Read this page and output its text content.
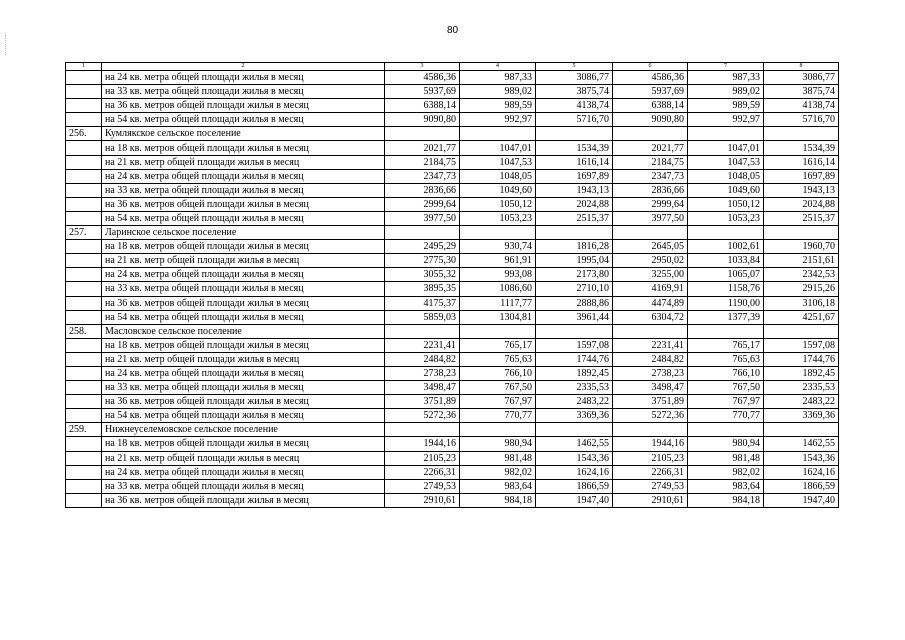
80
1	2	3	4	5	6	7	8
	на 24 кв. метра общей площади жилья в месяц	4586,36	987,33	3086,77	4586,36	987,33	3086,77
	на 33 кв. метра общей площади жилья в месяц	5937,69	989,02	3875,74	5937,69	989,02	3875,74
	на 36 кв. метров общей площади жилья в месяц	6388,14	989,59	4138,74	6388,14	989,59	4138,74
	на 54 кв. метра общей площади жилья в месяц	9090,80	992,97	5716,70	9090,80	992,97	5716,70
256.	Кумлякское сельское поселение						
	на 18 кв. метров общей площади жилья в месяц	2021,77	1047,01	1534,39	2021,77	1047,01	1534,39
	на 21 кв. метр общей площади жилья в месяц	2184,75	1047,53	1616,14	2184,75	1047,53	1616,14
	на 24 кв. метра общей площади жилья в месяц	2347,73	1048,05	1697,89	2347,73	1048,05	1697,89
	на 33 кв. метра общей площади жилья в месяц	2836,66	1049,60	1943,13	2836,66	1049,60	1943,13
	на 36 кв. метров общей площади жилья в месяц	2999,64	1050,12	2024,88	2999,64	1050,12	2024,88
	на 54 кв. метра общей площади жилья в месяц	3977,50	1053,23	2515,37	3977,50	1053,23	2515,37
257.	Ларинское сельское поселение						
	на 18 кв. метров общей площади жилья в месяц	2495,29	930,74	1816,28	2645,05	1002,61	1960,70
	на 21 кв. метр общей площади жилья в месяц	2775,30	961,91	1995,04	2950,02	1033,84	2151,61
	на 24 кв. метра общей площади жилья в месяц	3055,32	993,08	2173,80	3255,00	1065,07	2342,53
	на 33 кв. метра общей площади жилья в месяц	3895,35	1086,60	2710,10	4169,91	1158,76	2915,26
	на 36 кв. метров общей площади жилья в месяц	4175,37	1117,77	2888,86	4474,89	1190,00	3106,18
	на 54 кв. метра общей площади жилья в месяц	5859,03	1304,81	3961,44	6304,72	1377,39	4251,67
258.	Масловское сельское поселение						
	на 18 кв. метров общей площади жилья в месяц	2231,41	765,17	1597,08	2231,41	765,17	1597,08
	на 21 кв. метр общей площади жилья в месяц	2484,82	765,63	1744,76	2484,82	765,63	1744,76
	на 24 кв. метра общей площади жилья в месяц	2738,23	766,10	1892,45	2738,23	766,10	1892,45
	на 33 кв. метра общей площади жилья в месяц	3498,47	767,50	2335,53	3498,47	767,50	2335,53
	на 36 кв. метров общей площади жилья в месяц	3751,89	767,97	2483,22	3751,89	767,97	2483,22
	на 54 кв. метра общей площади жилья в месяц	5272,36	770,77	3369,36	5272,36	770,77	3369,36
259.	Нижнеуселемовское сельское поселение						
	на 18 кв. метров общей площади жилья в месяц	1944,16	980,94	1462,55	1944,16	980,94	1462,55
	на 21 кв. метр общей площади жилья в месяц	2105,23	981,48	1543,36	2105,23	981,48	1543,36
	на 24 кв. метра общей площади жилья в месяц	2266,31	982,02	1624,16	2266,31	982,02	1624,16
	на 33 кв. метра общей площади жилья в месяц	2749,53	983,64	1866,59	2749,53	983,64	1866,59
	на 36 кв. метров общей площади жилья в месяц	2910,61	984,18	1947,40	2910,61	984,18	1947,40
